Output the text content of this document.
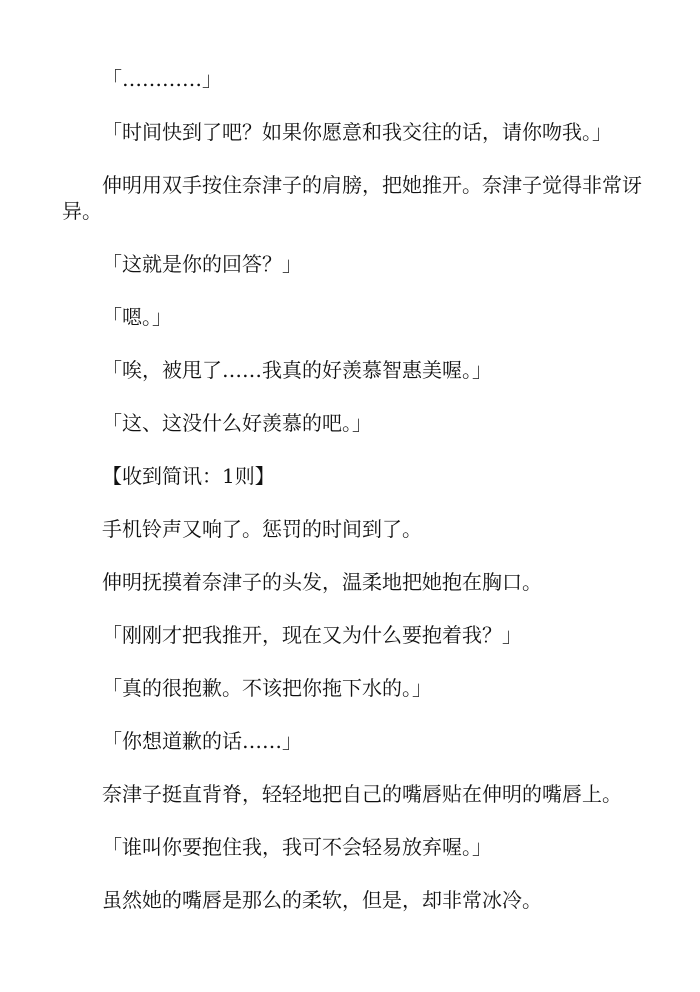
「…………」

「时间快到了吧？如果你愿意和我交往的话，请你吻我。」

伸明用双手按住奈津子的肩膀，把她推开。奈津子觉得非常讶异。

「这就是你的回答？」

「嗯。」

「唉，被甩了……我真的好羡慕智惠美喔。」

「这、这没什么好羡慕的吧。」

【收到简讯：1则】

手机铃声又响了。惩罚的时间到了。

伸明抚摸着奈津子的头发，温柔地把她抱在胸口。

「刚刚才把我推开，现在又为什么要抱着我？」

「真的很抱歉。不该把你拖下水的。」

「你想道歉的话……」

奈津子挺直背脊，轻轻地把自己的嘴唇贴在伸明的嘴唇上。

「谁叫你要抱住我，我可不会轻易放弃喔。」

虽然她的嘴唇是那么的柔软，但是，却非常冰冷。
